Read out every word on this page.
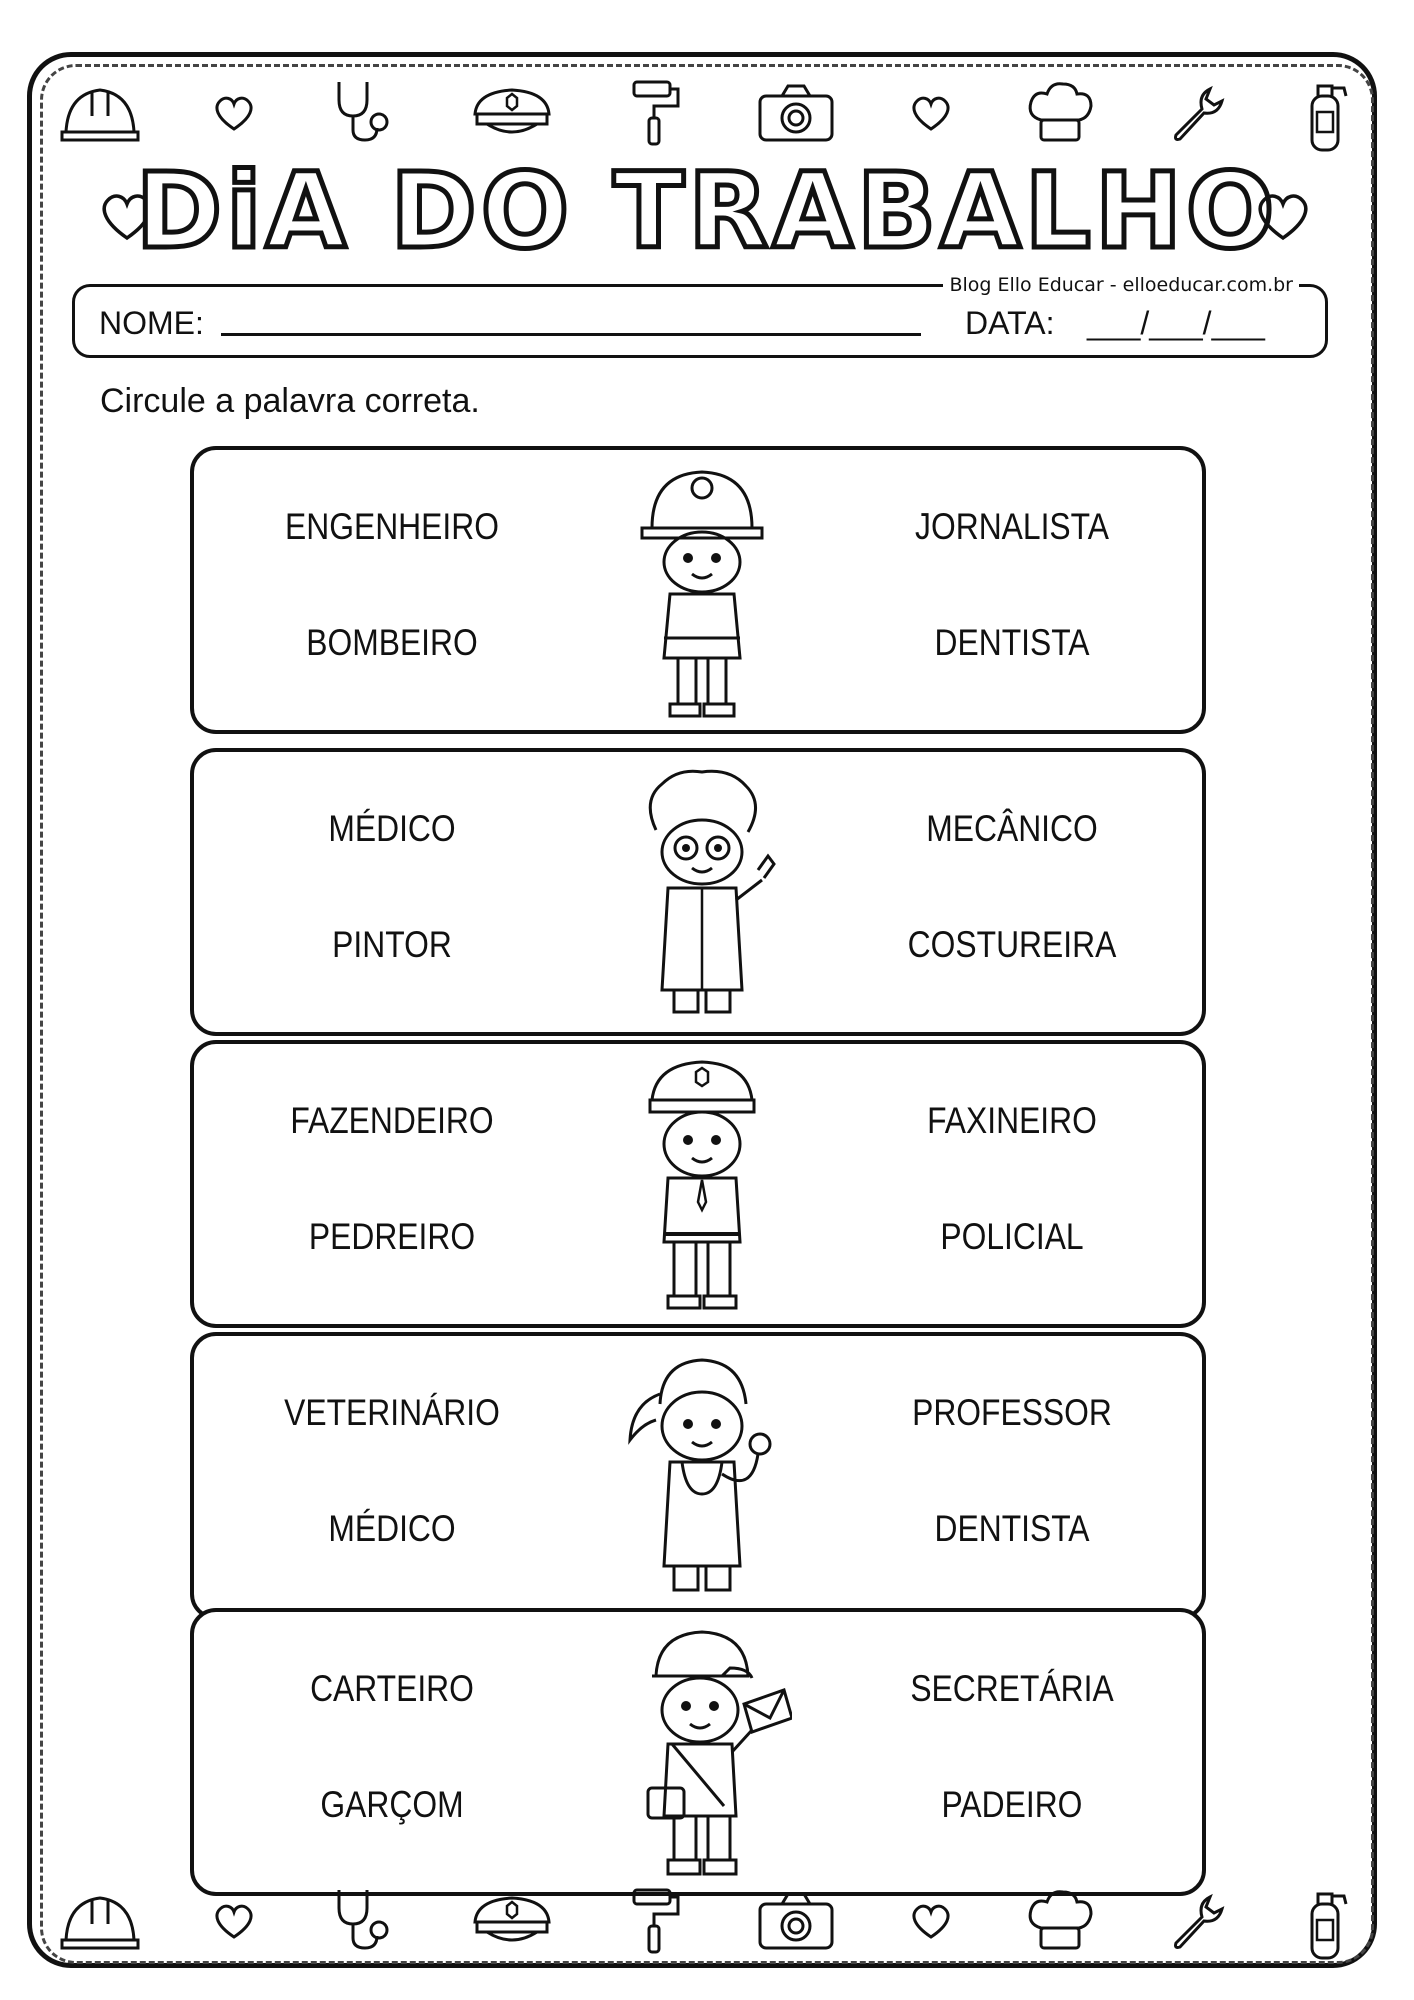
DiA DO TRABALHO
Blog Ello Educar - elloeducar.com.br
NOME:	DATA: ___/___/___
Circule a palavra correta.
ENGENHEIRO
BOMBEIRO
JORNALISTA
DENTISTA
MÉDICO
PINTOR
MECÂNICO
COSTUREIRA
FAZENDEIRO
PEDREIRO
FAXINEIRO
POLICIAL
VETERINÁRIO
MÉDICO
PROFESSOR
DENTISTA
CARTEIRO
GARÇOM
SECRETÁRIA
PADEIRO
